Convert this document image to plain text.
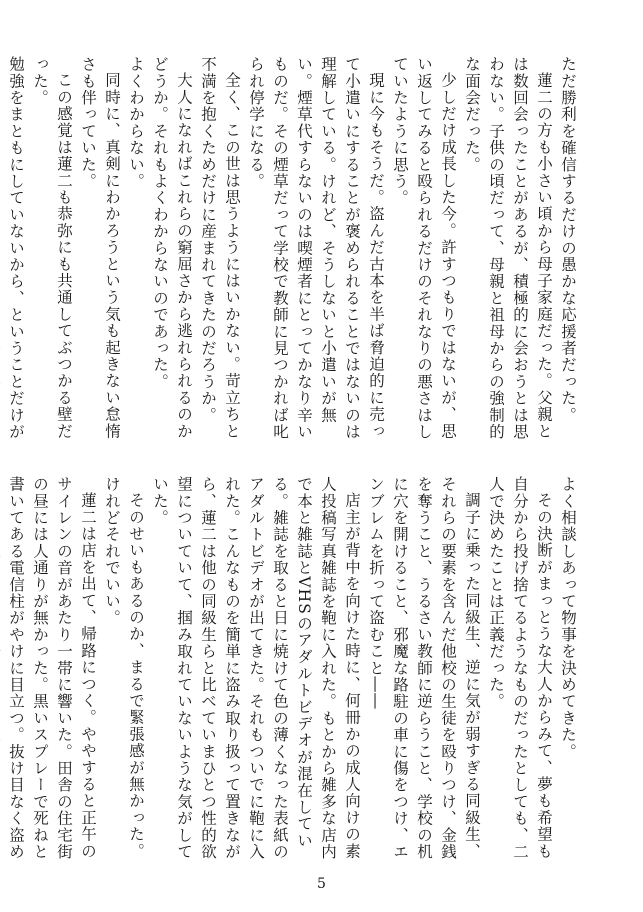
ただ勝利を確信するだけの愚かな応援者だった。

蓮二の方も小さい頃から母子家庭だった。父親とは数回会ったことがあるが、積極的に会おうとは思わない。子供の頃だって、母親と祖母からの強制的な面会だった。

少しだけ成長した今。許すつもりではないが、思い返してみると殴られるだけのそれなりの悪さはしていたように思う。

現に今もそうだ。盗んだ古本を半ば脅迫的に売って小遣いにすることが褒められることではないのは理解している。けれど、そうしないと小遣いが無い。煙草代すらないのは喫煙者にとってかなり辛いものだ。その煙草だって学校で教師に見つかれば叱られ停学になる。

全く、この世は思うようにはいかない。苛立ちと不満を抱くためだけに産まれてきたのだろうか。

大人になればこれらの窮屈さから逃れられるのかどうか。それもよくわからないのであった。

よくわからない。

同時に、真剣にわかろうという気も起きない怠惰さも伴っていた。

この感覚は蓮二も恭弥にも共通してぶつかる壁だった。

勉強をまともにしていないから、ということだけが

よく相談しあって物事を決めてきた。

その決断がまっとうな大人からみて、夢も希望も自分から投げ捨てるようなものだったとしても、二人で決めたことは正義だった。

調子に乗った同級生、逆に気が弱すぎる同級生、それらの要素を含んだ他校の生徒を殴りつけ、金銭を奪うこと、うるさい教師に逆らうこと、学校の机に穴を開けること、邪魔な路駐の車に傷をつけ、エンブレムを折って盗むこと――

店主が背中を向けた時に、何冊かの成人向けの素人投稿写真雑誌を鞄に入れた。もとから雑多な店内で本と雑誌とVHSのアダルトビデオが混在している。雑誌を取ると日に焼けて色の薄くなった表紙のアダルトビデオが出てきた。それもついでに鞄に入れた。こんなものを簡単に盗み取り扱って置きながら、蓮二は他の同級生らと比べていまひとつ性的欲望についていて、掴み取れていないような気がしていた。

そのせいもあるのか、まるで緊張感が無かった。けれどそれでいい。

蓮二は店を出て、帰路につく。ややすると正午のサイレンの音があたり一帯に響いた。田舎の住宅街の昼には人通りが無かった。黒いスプレーで死ねと書いてある電信柱がやけに目立つ。抜け目なく盗め

5
